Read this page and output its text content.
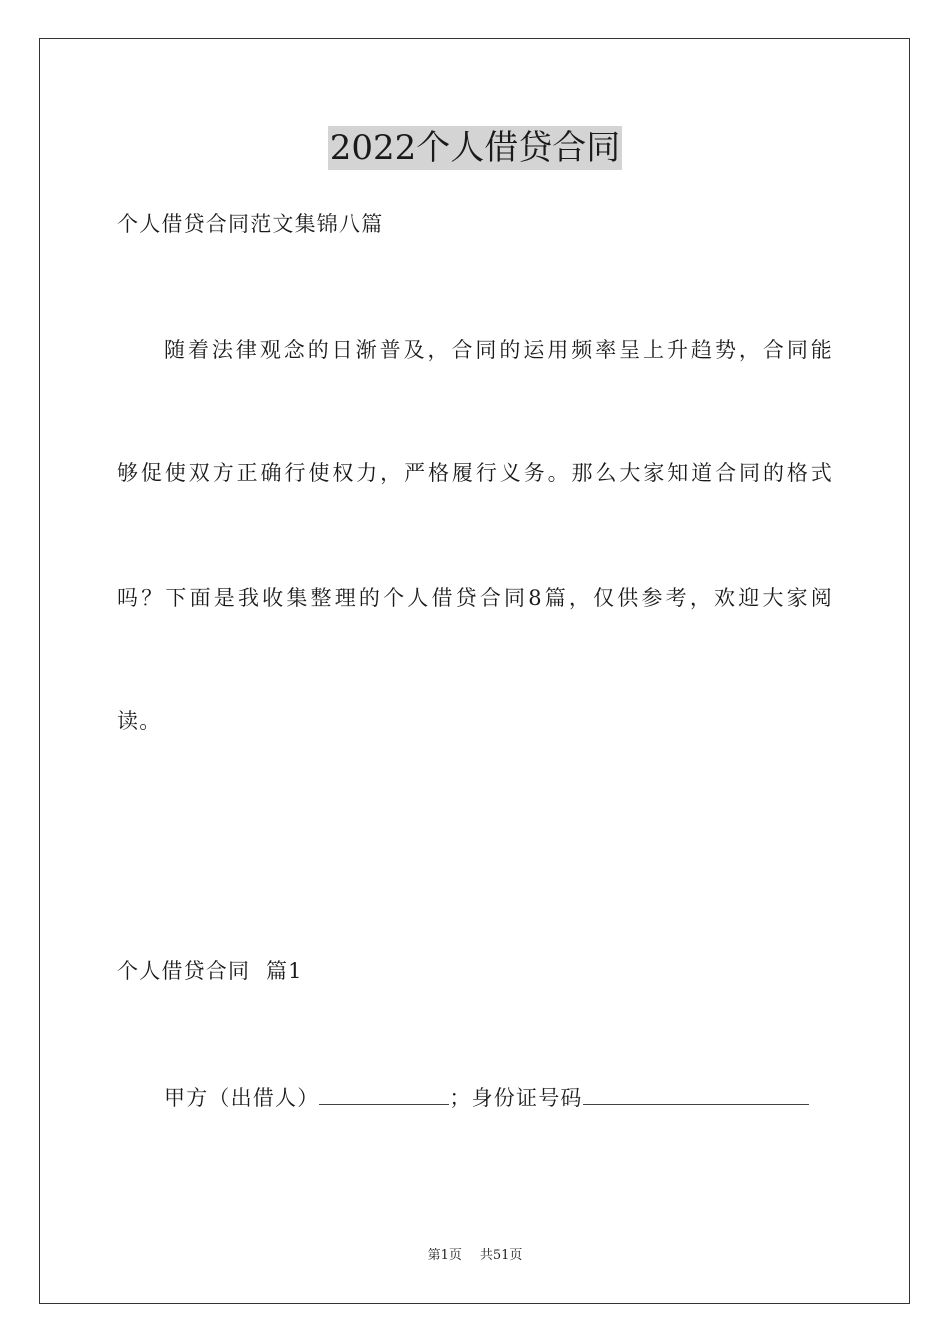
2022个人借贷合同
个人借贷合同范文集锦八篇
随着法律观念的日渐普及，合同的运用频率呈上升趋势，合同能
够促使双方正确行使权力，严格履行义务。那么大家知道合同的格式
吗？下面是我收集整理的个人借贷合同8篇，仅供参考，欢迎大家阅
读。
个人借贷合同  篇1
甲方（出借人）	；身份证号码
第1页 共51页
